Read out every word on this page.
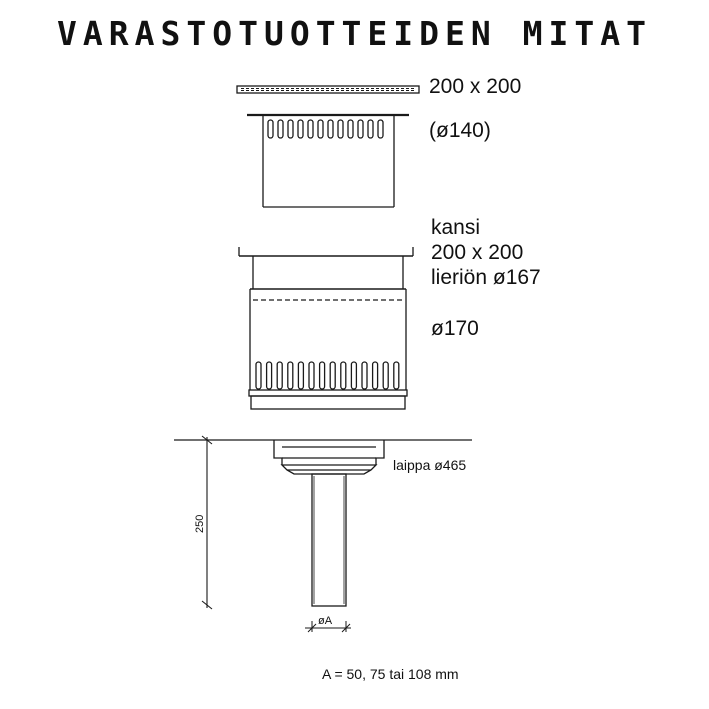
VARASTOTUOTTEIDEN MITAT
200 x 200
(ø140)
kansi
200 x 200
lieriön ø167
ø170
laippa ø465
250
øA
A = 50, 75 tai 108 mm
